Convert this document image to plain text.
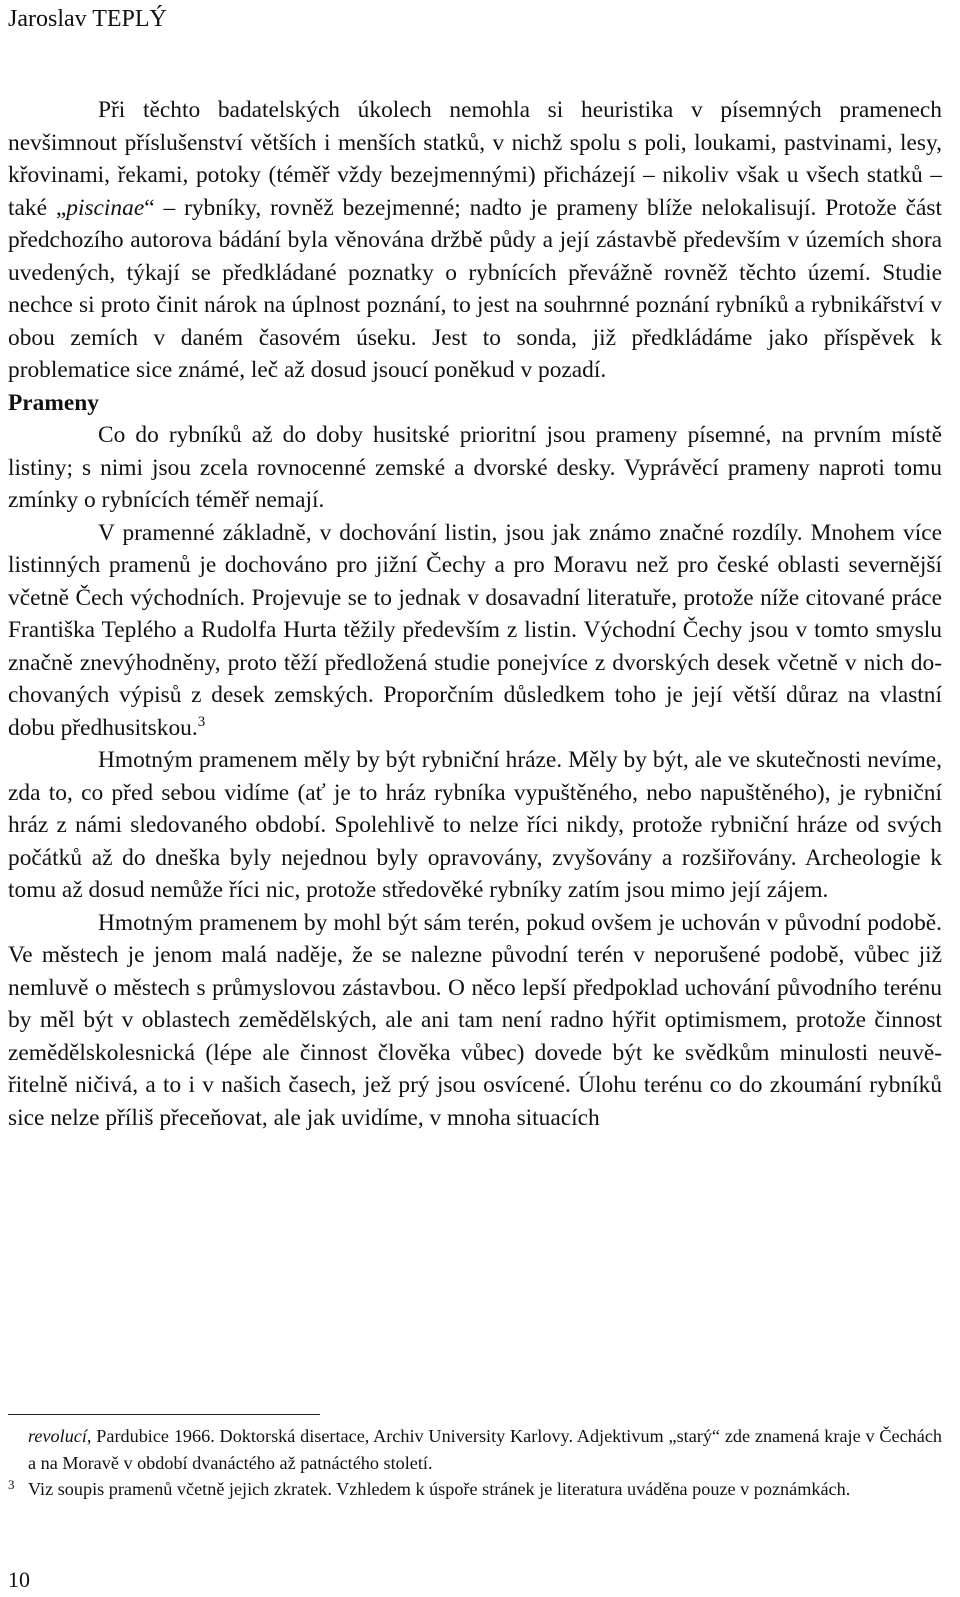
Jaroslav TEPLÝ

Při těchto badatelských úkolech nemohla si heuristika v písemných pramenech nevšimnout příslušenství větších i menších statků, v nichž spolu s poli, loukami, pastvinami, lesy, křovinami, řekami, potoky (téměř vždy bezejmennými) přicházejí – nikoliv však u všech statků – také „piscinae“ – rybníky, rovněž bezejmenné; nadto je prameny blíže nelokalisují. Protože část předchozího autorova bádání byla věnována držbě půdy a její zástavbě především v územích shora uvedených, týkají se předkládané poznatky o rybnících převážně rovněž těchto území. Studie nechce si proto činit nárok na úplnost poznání, to jest na souhrnné poznání rybníků a rybnikářství v obou zemích v daném časovém úseku. Jest to sonda, již předkládáme jako příspěvek k problematice sice známé, leč až dosud jsoucí poněkud v pozadí.

Prameny

Co do rybníků až do doby husitské prioritní jsou prameny písemné, na prvním místě listiny; s nimi jsou zcela rovnocenné zemské a dvorské desky. Vyprávěcí prameny naproti tomu zmínky o rybnících téměř nemají.

V pramenné základně, v dochování listin, jsou jak známo značné rozdíly. Mnohem více listinných pramenů je dochováno pro jižní Čechy a pro Moravu než pro české oblasti severnější včetně Čech východních. Projevuje se to jednak v dosavadní literatuře, protože níže citované práce Františka Teplého a Rudolfa Hurta těžily především z listin. Východní Čechy jsou v tomto smyslu značně znevýhodněny, proto těží předložená studie ponejvíce z dvorských desek včetně v nich dochovaných výpisů z desek zemských. Proporčním důsledkem toho je její větší důraz na vlastní dobu předhusitskou.$^3$

Hmotným pramenem měly by být rybniční hráze. Měly by být, ale ve skutečnosti nevíme, zda to, co před sebou vidíme (ať je to hráz rybníka vypuštěného, nebo napuštěného), je rybniční hráz z námi sledovaného období. Spolehlivě to nelze říci nikdy, protože rybniční hráze od svých počátků až do dneška byly nejednou byly opravovány, zvyšovány a rozšiřovány. Archeologie k tomu až dosud nemůže říci nic, protože středověké rybníky zatím jsou mimo její zájem.

Hmotným pramenem by mohl být sám terén, pokud ovšem je uchován v původní podobě. Ve městech je jenom malá naděje, že se nalezne původní terén v neporušené podobě, vůbec již nemluvě o městech s průmyslovou zástavbou. O něco lepší předpoklad uchování původního terénu by měl být v oblastech zemědělských, ale ani tam není radno hýřit optimismem, protože činnost zemědělskolesnická (lépe ale činnost člověka vůbec) dovede být ke svědkům minulosti neuvěřitelně ničivá, a to i v našich časech, jež prý jsou osvícené. Úlohu terénu co do zkoumání rybníků sice nelze příliš přeceňovat, ale jak uvidíme, v mnoha situacích

revolucí, Pardubice 1966. Doktorská disertace, Archiv University Karlovy. Adjektivum „starý“ zde znamená kraje v Čechách a na Moravě v období dvanáctého až patnáctého století.
3 Viz soupis pramenů včetně jejich zkratek. Vzhledem k úspoře stránek je literatura uváděna pouze v poznámkách.
10
